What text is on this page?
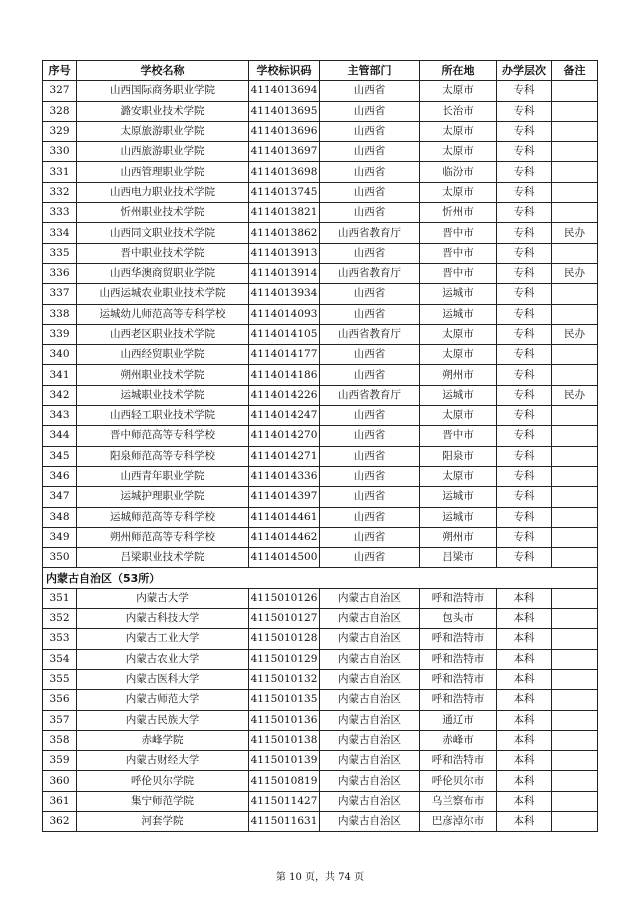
序号	学校名称	学校标识码	主管部门	所在地	办学层次	备注
327	山西国际商务职业学院	4114013694	山西省	太原市	专科	
328	潞安职业技术学院	4114013695	山西省	长治市	专科	
329	太原旅游职业学院	4114013696	山西省	太原市	专科	
330	山西旅游职业学院	4114013697	山西省	太原市	专科	
331	山西管理职业学院	4114013698	山西省	临汾市	专科	
332	山西电力职业技术学院	4114013745	山西省	太原市	专科	
333	忻州职业技术学院	4114013821	山西省	忻州市	专科	
334	山西同文职业技术学院	4114013862	山西省教育厅	晋中市	专科	民办
335	晋中职业技术学院	4114013913	山西省	晋中市	专科	
336	山西华澳商贸职业学院	4114013914	山西省教育厅	晋中市	专科	民办
337	山西运城农业职业技术学院	4114013934	山西省	运城市	专科	
338	运城幼儿师范高等专科学校	4114014093	山西省	运城市	专科	
339	山西老区职业技术学院	4114014105	山西省教育厅	太原市	专科	民办
340	山西经贸职业学院	4114014177	山西省	太原市	专科	
341	朔州职业技术学院	4114014186	山西省	朔州市	专科	
342	运城职业技术学院	4114014226	山西省教育厅	运城市	专科	民办
343	山西轻工职业技术学院	4114014247	山西省	太原市	专科	
344	晋中师范高等专科学校	4114014270	山西省	晋中市	专科	
345	阳泉师范高等专科学校	4114014271	山西省	阳泉市	专科	
346	山西青年职业学院	4114014336	山西省	太原市	专科	
347	运城护理职业学院	4114014397	山西省	运城市	专科	
348	运城师范高等专科学校	4114014461	山西省	运城市	专科	
349	朔州师范高等专科学校	4114014462	山西省	朔州市	专科	
350	吕梁职业技术学院	4114014500	山西省	吕梁市	专科	
内蒙古自治区（53所）						
351	内蒙古大学	4115010126	内蒙古自治区	呼和浩特市	本科	
352	内蒙古科技大学	4115010127	内蒙古自治区	包头市	本科	
353	内蒙古工业大学	4115010128	内蒙古自治区	呼和浩特市	本科	
354	内蒙古农业大学	4115010129	内蒙古自治区	呼和浩特市	本科	
355	内蒙古医科大学	4115010132	内蒙古自治区	呼和浩特市	本科	
356	内蒙古师范大学	4115010135	内蒙古自治区	呼和浩特市	本科	
357	内蒙古民族大学	4115010136	内蒙古自治区	通辽市	本科	
358	赤峰学院	4115010138	内蒙古自治区	赤峰市	本科	
359	内蒙古财经大学	4115010139	内蒙古自治区	呼和浩特市	本科	
360	呼伦贝尔学院	4115010819	内蒙古自治区	呼伦贝尔市	本科	
361	集宁师范学院	4115011427	内蒙古自治区	乌兰察布市	本科	
362	河套学院	4115011631	内蒙古自治区	巴彦淖尔市	本科	
第 10 页，共 74 页
